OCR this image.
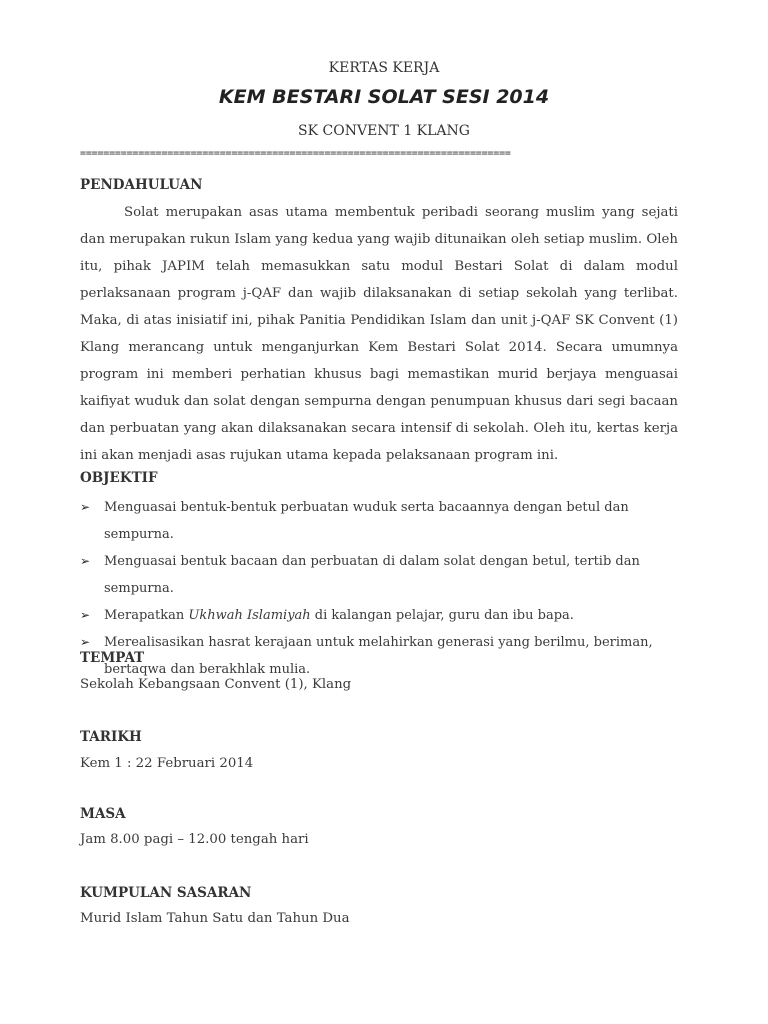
KERTAS KERJA
KEM BESTARI SOLAT SESI 2014
SK CONVENT 1 KLANG
==========================================================================
PENDAHULUAN
Solat merupakan asas utama membentuk peribadi seorang muslim yang sejati dan merupakan rukun Islam yang kedua yang wajib ditunaikan oleh setiap muslim. Oleh itu, pihak JAPIM telah memasukkan satu modul Bestari Solat di dalam modul perlaksanaan program j-QAF dan wajib dilaksanakan di setiap sekolah yang terlibat. Maka, di atas inisiatif ini, pihak Panitia Pendidikan Islam dan unit j-QAF SK Convent (1) Klang merancang untuk menganjurkan Kem Bestari Solat 2014. Secara umumnya program ini memberi perhatian khusus bagi memastikan murid berjaya menguasai kaifiyat wuduk dan solat dengan sempurna dengan penumpuan khusus dari segi bacaan dan perbuatan yang akan dilaksanakan secara intensif di sekolah. Oleh itu, kertas kerja ini akan menjadi asas rujukan utama kepada pelaksanaan program ini.
OBJEKTIF
➢ Menguasai bentuk-bentuk perbuatan wuduk serta bacaannya dengan betul dan sempurna.
➢ Menguasai bentuk bacaan dan perbuatan di dalam solat dengan betul, tertib dan sempurna.
➢ Merapatkan Ukhwah Islamiyah di kalangan pelajar, guru dan ibu bapa.
➢ Merealisasikan hasrat kerajaan untuk melahirkan generasi yang berilmu, beriman, bertaqwa dan berakhlak mulia.
TEMPAT
Sekolah Kebangsaan Convent (1), Klang
TARIKH
Kem 1 : 22 Februari 2014
MASA
Jam 8.00 pagi – 12.00 tengah hari
KUMPULAN SASARAN
Murid Islam Tahun Satu dan Tahun Dua
